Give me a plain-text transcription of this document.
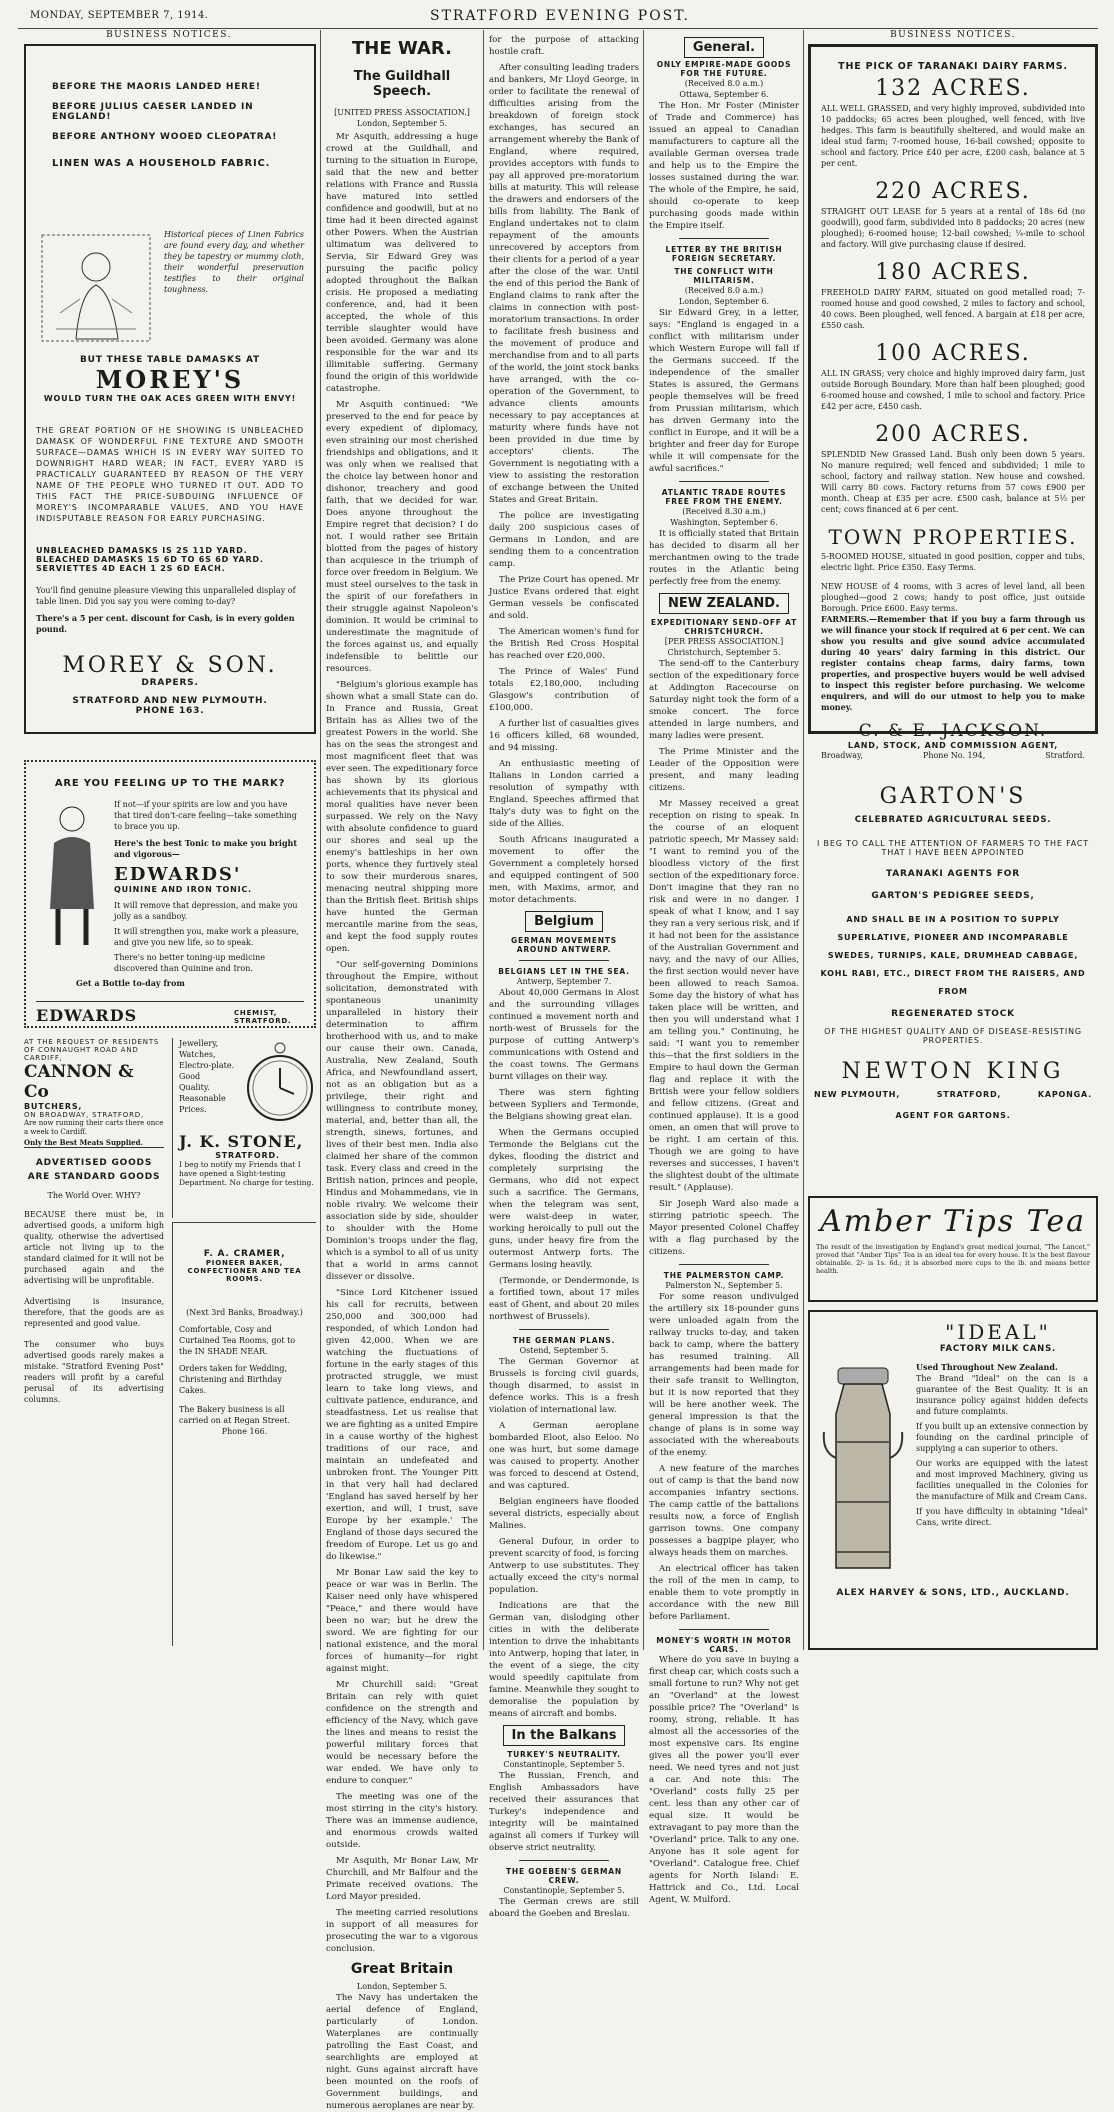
MONDAY, SEPTEMBER 7, 1914.	STRATFORD EVENING POST.
BUSINESS NOTICES.	BUSINESS NOTICES.
BEFORE THE MAORIS LANDED HERE!
BEFORE JULIUS CAESER LANDED IN ENGLAND!
BEFORE ANTHONY WOOED CLEOPATRA!
LINEN WAS A HOUSEHOLD FABRIC.
Historical pieces of Linen Fabrics are found every day, and whether they be tapestry or mummy cloth, their wonderful preservation testifies to their original toughness.
BUT THESE TABLE DAMASKS AT
MOREY'S
WOULD TURN THE OAK ACES GREEN WITH ENVY!
THE GREAT PORTION OF HE SHOWING IS UNBLEACHED DAMASK OF WONDERFUL FINE TEXTURE AND SMOOTH SURFACE—DAMAS WHICH IS IN EVERY WAY SUITED TO DOWNRIGHT HARD WEAR; IN FACT, EVERY YARD IS PRACTICALLY GUARANTEED BY REASON OF THE VERY NAME OF THE PEOPLE WHO TURNED IT OUT. ADD TO THIS FACT THE PRICE-SUBDUING INFLUENCE OF MOREY'S INCOMPARABLE VALUES, AND YOU HAVE INDISPUTABLE REASON FOR EARLY PURCHASING.
UNBLEACHED DAMASKS IS 2S 11D YARD.
BLEACHED DAMASKS 1S 6D TO 6S 6D YARD.
SERVIETTES 4D EACH 1 2S 6D EACH.
You'll find genuine pleasure viewing this unparalleled display of table linen. Did you say you were coming to-day?
There's a 5 per cent. discount for Cash, is in every golden pound.
MOREY & SON.
DRAPERS.
STRATFORD AND NEW PLYMOUTH.
PHONE 163.
ARE YOU FEELING UP TO THE MARK?
If not—if your spirits are low and you have that tired don't-care feeling—take something to brace you up.
Here's the best Tonic to make you bright and vigorous—
EDWARDS'
QUININE AND IRON TONIC.
It will remove that depression, and make you jolly as a sandboy.
It will strengthen you, make work a pleasure, and give you new life, so to speak.
There's no better toning-up medicine discovered than Quinine and Iron.
Get a Bottle to-day from
EDWARDS	CHEMIST, STRATFORD.
AT THE REQUEST OF RESIDENTS OF CONNAUGHT ROAD AND CARDIFF,
CANNON & Co
BUTCHERS,
ON BROADWAY, STRATFORD,
Are now running their carts there once a week to Cardiff.
Only the Best Meats Supplied.
ADVERTISED GOODS ARE STANDARD GOODS
The World Over. WHY?
BECAUSE there must be, in advertised goods, a uniform high quality, otherwise the advertised article not living up to the standard claimed for it will not be purchased again and the advertising will be unprofitable.
Advertising is insurance, therefore, that the goods are as represented and good value.
The consumer who buys advertised goods rarely makes a mistake. "Stratford Evening Post" readers will profit by a careful perusal of its advertising columns.
Jewellery,
Watches,
Electro-plate.
Good
Quality.
Reasonable
Prices.
J. K. STONE,
STRATFORD.
I beg to notify my Friends that I have opened a Sight-testing Department. No charge for testing.
F. A. CRAMER,
PIONEER BAKER, CONFECTIONER AND TEA ROOMS.
(Next 3rd Banks, Broadway.)
Comfortable, Cosy and Curtained Tea Rooms, got to the IN SHADE NEAR.
Orders taken for Wedding, Christening and Birthday Cakes.
The Bakery business is all carried on at Regan Street.
Phone 166.
THE WAR.
The Guildhall Speech.
[UNITED PRESS ASSOCIATION.]
London, September 5.

Mr Asquith, addressing a huge crowd at the Guildhall, and turning to the situation in Europe, said that the new and better relations with France and Russia have matured into settled confidence and goodwill, but at no time had it been directed against other Powers. When the Austrian ultimatum was delivered to Servia, Sir Edward Grey was pursuing the pacific policy adopted throughout the Balkan crisis. He proposed a mediating conference, and, had it been accepted, the whole of this terrible slaughter would have been avoided. Germany was alone responsible for the war and its illimitable suffering. Germany found the origin of this worldwide catastrophe.

Mr Asquith continued: "We preserved to the end for peace by every expedient of diplomacy, even straining our most cherished friendships and obligations, and it was only when we realised that the choice lay between honor and dishonor, treachery and good faith, that we decided for war. Does anyone throughout the Empire regret that decision? I do not. I would rather see Britain blotted from the pages of history than acquiesce in the triumph of force over freedom in Belgium. We must steel ourselves to the task in the spirit of our forefathers in their struggle against Napoleon's dominion. It would be criminal to underestimate the magnitude of the forces against us, and equally indefensible to belittle our resources.

"Belgium's glorious example has shown what a small State can do. In France and Russia, Great Britain has as Allies two of the greatest Powers in the world. She has on the seas the strongest and most magnificent fleet that was ever seen. The expeditionary force has shown by its glorious achievements that its physical and moral qualities have never been surpassed. We rely on the Navy with absolute confidence to guard our shores and seal up the enemy's battleships in her own ports, whence they furtively steal to sow their murderous snares, menacing neutral shipping more than the British fleet. British ships have hunted the German mercantile marine from the seas, and kept the food supply routes open.

"Our self-governing Dominions throughout the Empire, without solicitation, demonstrated with spontaneous unanimity unparalleled in history their determination to affirm brotherhood with us, and to make our cause their own. Canada, Australia, New Zealand, South Africa, and Newfoundland assert, not as an obligation but as a privilege, their right and willingness to contribute money, material, and, better than all, the strength, sinews, fortunes, and lives of their best men. India also claimed her share of the common task. Every class and creed in the British nation, princes and people, Hindus and Mohammedans, vie in noble rivalry. We welcome their association side by side, shoulder to shoulder with the Home Dominion's troops under the flag, which is a symbol to all of us unity that a world in arms cannot dissever or dissolve.

"Since Lord Kitchener issued his call for recruits, between 250,000 and 300,000 had responded, of which London had given 42,000. When we are watching the fluctuations of fortune in the early stages of this protracted struggle, we must learn to take long views, and cultivate patience, endurance, and steadfastness. Let us realise that we are fighting as a united Empire in a cause worthy of the highest traditions of our race, and maintain an undefeated and unbroken front. The Younger Pitt in that very hall had declared 'England has saved herself by her exertion, and will, I trust, save Europe by her example.' The England of those days secured the freedom of Europe. Let us go and do likewise."

Mr Bonar Law said the key to peace or war was in Berlin. The Kaiser need only have whispered "Peace," and there would have been no war; but he drew the sword. We are fighting for our national existence, and the moral forces of humanity—for right against might.

Mr Churchill said: "Great Britain can rely with quiet confidence on the strength and efficiency of the Navy, which gave the lines and means to resist the powerful military forces that would be necessary before the war ended. We have only to endure to conquer."

The meeting was one of the most stirring in the city's history. There was an immense audience, and enormous crowds waited outside.

Mr Asquith, Mr Bonar Law, Mr Churchill, and Mr Balfour and the Primate received ovations. The Lord Mayor presided.

The meeting carried resolutions in support of all measures for prosecuting the war to a vigorous conclusion.

Great Britain
London, September 5.

The Navy has undertaken the aerial defence of England, particularly of London. Waterplanes are continually patrolling the East Coast, and searchlights are employed at night. Guns against aircraft have been mounted on the roofs of Government buildings, and numerous aeroplanes are near by.

for the purpose of attacking hostile craft.

After consulting leading traders and bankers, Mr Lloyd George, in order to facilitate the renewal of difficulties arising from the breakdown of foreign stock exchanges, has secured an arrangement whereby the Bank of England, where required, provides acceptors with funds to pay all approved pre-moratorium bills at maturity. This will release the drawers and endorsers of the bills from liability. The Bank of England undertakes not to claim repayment of the amounts unrecovered by acceptors from their clients for a period of a year after the close of the war. Until the end of this period the Bank of England claims to rank after the claims in connection with post-moratorium transactions. In order to facilitate fresh business and the movement of produce and merchandise from and to all parts of the world, the joint stock banks have arranged, with the co-operation of the Government, to advance clients amounts necessary to pay acceptances at maturity where funds have not been provided in due time by acceptors' clients. The Government is negotiating with a view to assisting the restoration of exchange between the United States and Great Britain.

The police are investigating daily 200 suspicious cases of Germans in London, and are sending them to a concentration camp.

The Prize Court has opened. Mr Justice Evans ordered that eight German vessels be confiscated and sold.

The American women's fund for the British Red Cross Hospital has reached over £20,000.

The Prince of Wales' Fund totals £2,180,000, including Glasgow's contribution of £100,000.

A further list of casualties gives 16 officers killed, 68 wounded, and 94 missing.

An enthusiastic meeting of Italians in London carried a resolution of sympathy with England. Speeches affirmed that Italy's duty was to fight on the side of the Allies.

South Africans inaugurated a movement to offer the Government a completely horsed and equipped contingent of 500 men, with Maxims, armor, and motor detachments.

Belgium
GERMAN MOVEMENTS AROUND ANTWERP.
BELGIANS LET IN THE SEA.
Antwerp, September 7.

About 40,000 Germans in Alost and the surrounding villages continued a movement north and north-west of Brussels for the purpose of cutting Antwerp's communications with Ostend and the coast towns. The Germans burnt villages on their way.

There was stern fighting between Sypliers and Termonde, the Belgians showing great elan.

When the Germans occupied Termonde the Belgians cut the dykes, flooding the district and completely surprising the Germans, who did not expect such a sacrifice. The Germans, when the telegram was sent, were waist-deep in water, working heroically to pull out the guns, under heavy fire from the outermost Antwerp forts. The Germans losing heavily.

(Termonde, or Dendermonde, is a fortified town, about 17 miles east of Ghent, and about 20 miles northwest of Brussels).

THE GERMAN PLANS.
Ostend, September 5.

The German Governor at Brussels is forcing civil guards, though disarmed, to assist in defence works. This is a fresh violation of international law.

A German aeroplane bombarded Eloot, also Eeloo. No one was hurt, but some damage was caused to property. Another was forced to descend at Ostend, and was captured.

Belgian engineers have flooded several districts, especially about Malines.

General Dufour, in order to prevent scarcity of food, is forcing Antwerp to use substitutes. They actually exceed the city's normal population.

Indications are that the German van, dislodging other cities in with the deliberate intention to drive the inhabitants into Antwerp, hoping that later, in the event of a siege, the city would speedily capitulate from famine. Meanwhile they sought to demoralise the population by means of aircraft and bombs.

In the Balkans
TURKEY'S NEUTRALITY.
Constantinople, September 5.

The Russian, French, and English Ambassadors have received their assurances that Turkey's independence and integrity will be maintained against all comers if Turkey will observe strict neutrality.

THE GOEBEN'S GERMAN CREW.
Constantinople, September 5.

The German crews are still aboard the Goeben and Breslau.

General.
ONLY EMPIRE-MADE GOODS FOR THE FUTURE.
(Received 8.0 a.m.)
Ottawa, September 6.

The Hon. Mr Foster (Minister of Trade and Commerce) has issued an appeal to Canadian manufacturers to capture all the available German oversea trade and help us to the Empire the losses sustained during the war. The whole of the Empire, he said, should co-operate to keep purchasing goods made within the Empire itself.

LETTER BY THE BRITISH FOREIGN SECRETARY.
THE CONFLICT WITH MILITARISM.
(Received 8.0 a.m.)
London, September 6.

Sir Edward Grey, in a letter, says: "England is engaged in a conflict with militarism under which Western Europe will fall if the Germans succeed. If the independence of the smaller States is assured, the Germans people themselves will be freed from Prussian militarism, which has driven Germany into the conflict in Europe, and it will be a brighter and freer day for Europe while it will compensate for the awful sacrifices."

ATLANTIC TRADE ROUTES FREE FROM THE ENEMY.
(Received 8.30 a.m.)
Washington, September 6.

It is officially stated that Britain has decided to disarm all her merchantmen owing to the trade routes in the Atlantic being perfectly free from the enemy.

NEW ZEALAND.
EXPEDITIONARY SEND-OFF AT CHRISTCHURCH.
[PER PRESS ASSOCIATION.]
Christchurch, September 5.

The send-off to the Canterbury section of the expeditionary force at Addington Racecourse on Saturday night took the form of a smoke concert. The force attended in large numbers, and many ladies were present.

The Prime Minister and the Leader of the Opposition were present, and many leading citizens.

Mr Massey received a great reception on rising to speak. In the course of an eloquent patriotic speech, Mr Massey said: "I want to remind you of the bloodless victory of the first section of the expeditionary force. Don't imagine that they ran no risk and were in no danger. I speak of what I know, and I say they ran a very serious risk, and if it had not been for the assistance of the Australian Government and navy, and the navy of our Allies, the first section would never have been allowed to reach Samoa. Some day the history of what has taken place will be written, and then you will understand what I am telling you." Continuing, he said: "I want you to remember this—that the first soldiers in the Empire to haul down the German flag and replace it with the British were your fellow soldiers and fellow citizens. (Great and continued applause). It is a good omen, an omen that will prove to be right. I am certain of this. Though we are going to have reverses and successes, I haven't the slightest doubt of the ultimate result." (Applause).

Sir Joseph Ward also made a stirring patriotic speech. The Mayor presented Colonel Chaffey with a flag purchased by the citizens.

THE PALMERSTON CAMP.
Palmerston N., September 5.

For some reason undivulged the artillery six 18-pounder guns were unloaded again from the railway trucks to-day, and taken back to camp, where the battery has resumed training. All arrangements had been made for their safe transit to Wellington, but it is now reported that they will be here another week. The general impression is that the change of plans is in some way associated with the whereabouts of the enemy.

A new feature of the marches out of camp is that the band now accompanies infantry sections. The camp cattle of the battalions results now, a force of English garrison towns. One company possesses a bagpipe player, who always heads them on marches.

An electrical officer has taken the roll of the men in camp, to enable them to vote promptly in accordance with the new Bill before Parliament.

MONEY'S WORTH IN MOTOR CARS.

Where do you save in buying a first cheap car, which costs such a small fortune to run? Why not get an "Overland" at the lowest possible price? The "Overland" is roomy, strong, reliable. It has almost all the accessories of the most expensive cars. Its engine gives all the power you'll ever need. We need tyres and not just a car. And note this: The "Overland" costs fully 25 per cent. less than any other car of equal size. It would be extravagant to pay more than the "Overland" price. Talk to any one. Anyone has it sole agent for "Overland". Catalogue free. Chief agents for North Island: E. Hattrick and Co., Ltd. Local Agent, W. Mulford.

THE PICK OF TARANAKI DAIRY FARMS.
132 ACRES.
ALL WELL GRASSED, and very highly improved, subdivided into 10 paddocks; 65 acres been ploughed, well fenced, with live hedges. This farm is beautifully sheltered, and would make an ideal stud farm; 7-roomed house, 16-bail cowshed; opposite to school and factory. Price £40 per acre, £200 cash, balance at 5 per cent.
220 ACRES.
STRAIGHT OUT LEASE for 5 years at a rental of 18s 6d (no goodwill), good farm, subdivided into 8 paddocks; 20 acres (new ploughed); 6-roomed house; 12-bail cowshed; ¼-mile to school and factory. Will give purchasing clause if desired.
180 ACRES.
FREEHOLD DAIRY FARM, situated on good metalled road; 7-roomed house and good cowshed, 2 miles to factory and school, 40 cows. Been ploughed, well fenced. A bargain at £18 per acre, £550 cash.
100 ACRES.
ALL IN GRASS; very choice and highly improved dairy farm, just outside Borough Boundary. More than half been ploughed; good 6-roomed house and cowshed, 1 mile to school and factory. Price £42 per acre, £450 cash.
200 ACRES.
SPLENDID New Grassed Land. Bush only been down 5 years. No manure required; well fenced and subdivided; 1 mile to school, factory and railway station. New house and cowshed. Will carry 80 cows. Factory returns from 57 cows £900 per month. Cheap at £35 per acre. £500 cash, balance at 5½ per cent; cows financed at 6 per cent.
TOWN PROPERTIES.
5-ROOMED HOUSE, situated in good position, copper and tubs, electric light. Price £350. Easy Terms.
NEW HOUSE of 4 rooms, with 3 acres of level land, all been ploughed—good 2 cows; handy to post office, just outside Borough. Price £600. Easy terms.
FARMERS.—Remember that if you buy a farm through us we will finance your stock if required at 6 per cent. We can show you results and give sound advice accumulated during 40 years' dairy farming in this district. Our register contains cheap farms, dairy farms, town properties, and prospective buyers would be well advised to inspect this register before purchasing. We welcome enquirers, and will do our utmost to help you to make money.
C. & E. JACKSON.
LAND, STOCK, AND COMMISSION AGENT,
Broadway,	Phone No. 194,	Stratford.
GARTON'S
CELEBRATED AGRICULTURAL SEEDS.
I BEG TO CALL THE ATTENTION OF FARMERS TO THE FACT THAT I HAVE BEEN APPOINTED
TARANAKI AGENTS FOR
GARTON'S PEDIGREE SEEDS,
AND SHALL BE IN A POSITION TO SUPPLY SUPERLATIVE, PIONEER AND INCOMPARABLE SWEDES, TURNIPS, KALE, DRUMHEAD CABBAGE, KOHL RABI, ETC., DIRECT FROM THE RAISERS, AND FROM
REGENERATED STOCK
OF THE HIGHEST QUALITY AND OF DISEASE-RESISTING PROPERTIES.
NEWTON KING
NEW PLYMOUTH,	STRATFORD,	KAPONGA.
AGENT FOR GARTONS.
Amber Tips Tea
The result of the investigation by England's great medical journal, "The Lancet," proved that "Amber Tips" Tea is an ideal tea for every house. It is the best flavour obtainable. 2/- is 1s. 6d.; it is absorbed more cups to the lb. and means better health.
"IDEAL"
FACTORY MILK CANS.
Used Throughout New Zealand.
The Brand "Ideal" on the can is a guarantee of the Best Quality. It is an insurance policy against hidden defects and future complaints.
If you built up an extensive connection by founding on the cardinal principle of supplying a can superior to others.
Our works are equipped with the latest and most improved Machinery, giving us facilities unequalled in the Colonies for the manufacture of Milk and Cream Cans.
If you have difficulty in obtaining "Ideal" Cans, write direct.
ALEX HARVEY & SONS, LTD., AUCKLAND.
